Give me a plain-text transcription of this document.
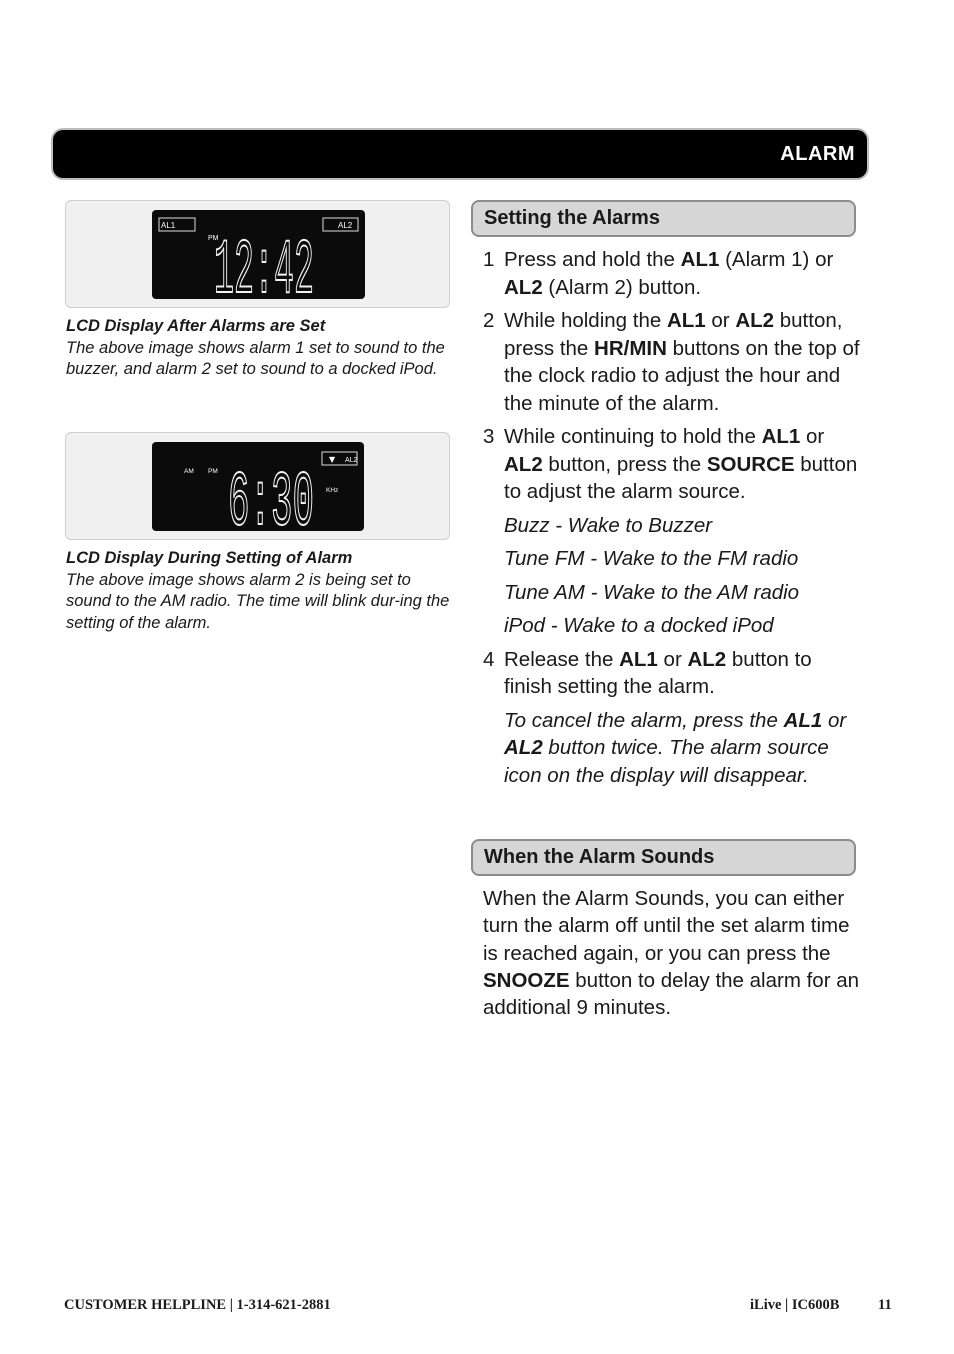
ALARM
AL1	AL2
PM
12:42
LCD Display After Alarms are Set
The above image shows alarm 1 set to sound to the buzzer, and alarm 2 set to sound to a docked iPod.
AM PM
▼ AL2
KHz
6:30
LCD Display During Setting of Alarm
The above image shows alarm 2 is being set to sound to the AM radio. The time will blink dur-ing the setting of the alarm.
Setting the Alarms
1 Press and hold the AL1 (Alarm 1) or AL2 (Alarm 2) button.
2 While holding the AL1 or AL2 button, press the HR/MIN buttons on the top of the clock radio to adjust the hour and the minute of the alarm.
3 While continuing to hold the AL1 or AL2 button, press the SOURCE button to adjust the alarm source.
Buzz - Wake to Buzzer
Tune FM - Wake to the FM radio
Tune AM - Wake to the AM radio
iPod - Wake to a docked iPod
4 Release the AL1 or AL2 button to finish setting the alarm.
To cancel the alarm, press the AL1 or AL2 button twice. The alarm source icon on the display will disappear.
When the Alarm Sounds
When the Alarm Sounds, you can either turn the alarm off until the set alarm time is reached again, or you can press the SNOOZE button to delay the alarm for an additional 9 minutes.
CUSTOMER HELPLINE | 1-314-621-2881	iLive | IC600B	11
